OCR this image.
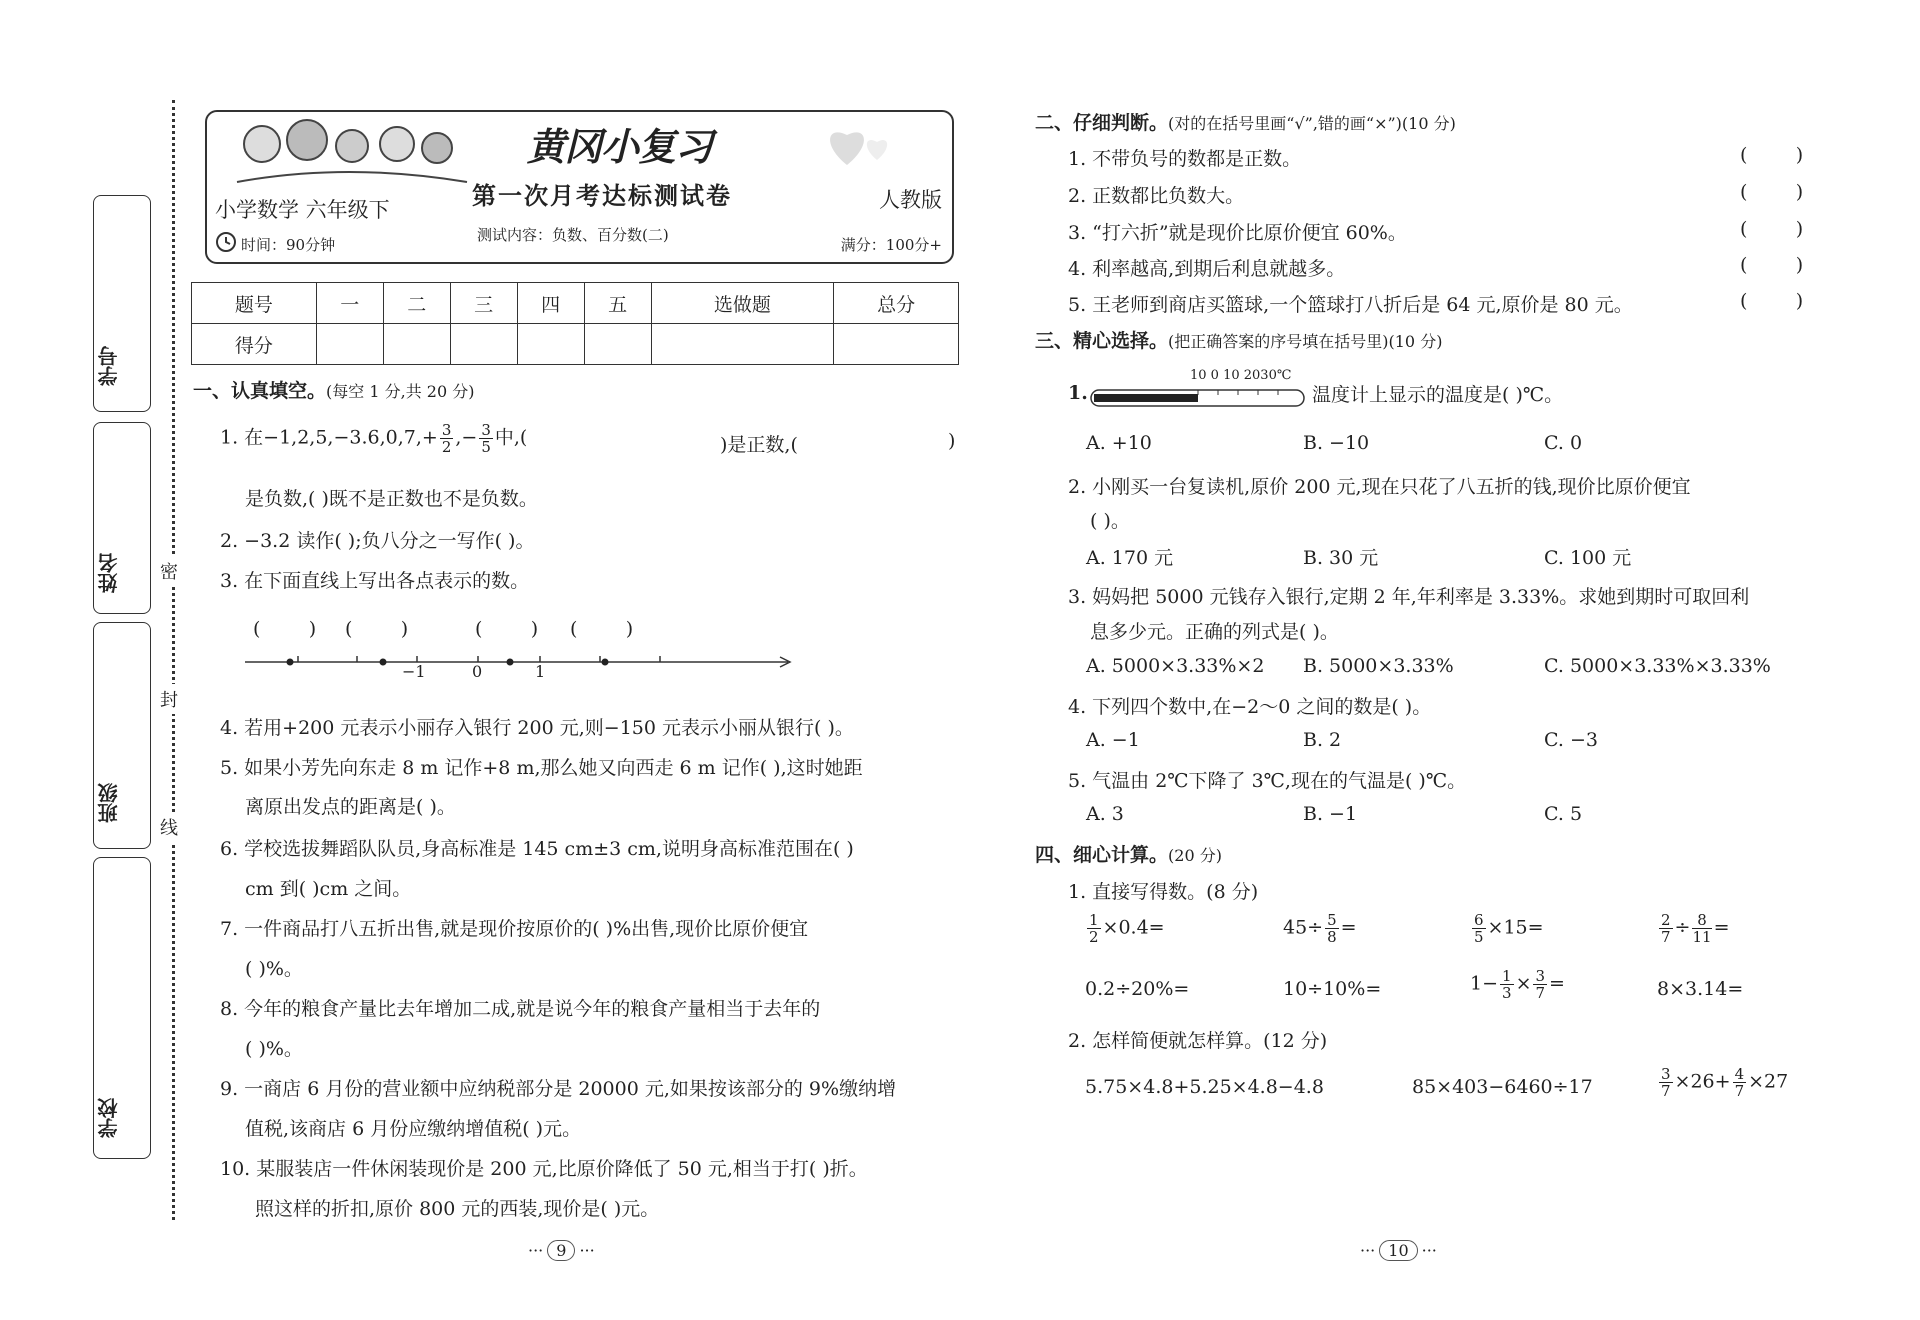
学号
姓名
班级
学校
密
封
线
黄冈小复习
第一次月考达标测试卷
小学数学 六年级下	人教版
时间：90分钟
测试内容：负数、百分数(二)
满分：100分+
题号	一	二	三	四	五	选做题	总分
得分							
一、认真填空。(每空 1 分,共 20 分)
1. 在$-1,2,5,-3.6,0,7,+ \frac{3}{2}$ ,− $\frac{3}{5}$ 中,(	)是正数,(	)
是负数,( )既不是正数也不是负数。
2. −3.2 读作( );负八分之一写作( )。
3. 在下面直线上写出各点表示的数。
(        ) (        )	(        ) (        )
−1	0	1
4. 若用+200 元表示小丽存入银行 200 元,则−150 元表示小丽从银行( )。
5. 如果小芳先向东走 8 m 记作+8 m,那么她又向西走 6 m 记作( ),这时她距
离原出发点的距离是( )。
6. 学校选拔舞蹈队队员,身高标准是 145 cm±3 cm,说明身高标准范围在( )
cm 到( )cm 之间。
7. 一件商品打八五折出售,就是现价按原价的( )%出售,现价比原价便宜
( )%。
8. 今年的粮食产量比去年增加二成,就是说今年的粮食产量相当于去年的
( )%。
9. 一商店 6 月份的营业额中应纳税部分是 20000 元,如果按该部分的 9%缴纳增
值税,该商店 6 月份应缴纳增值税( )元。
10. 某服装店一件休闲装现价是 200 元,比原价降低了 50 元,相当于打( )折。
照这样的折扣,原价 800 元的西装,现价是( )元。
二、仔细判断。(对的在括号里画“√”,错的画“×”)(10 分)
1. 不带负号的数都是正数。	(        )
2. 正数都比负数大。	(        )
3. “打六折”就是现价比原价便宜 60%。	(        )
4. 利率越高,到期后利息就越多。	(        )
5. 王老师到商店买篮球,一个篮球打八折后是 64 元,原价是 80 元。	(        )
三、精心选择。(把正确答案的序号填在括号里)(10 分)
1.
10 0 10 2030℃
温度计上显示的温度是( )℃。
A. +10	B. −10	C. 0
2. 小刚买一台复读机,原价 200 元,现在只花了八五折的钱,现价比原价便宜
( )。
A. 170 元	B. 30 元	C. 100 元
3. 妈妈把 5000 元钱存入银行,定期 2 年,年利率是 3.33%。求她到期时可取回利
息多少元。正确的列式是( )。
A. 5000×3.33%×2 B. 5000×3.33%	C. 5000×3.33%×3.33%
4. 下列四个数中,在−2～0 之间的数是( )。
A. −1	B. 2	C. −3
5. 气温由 2℃下降了 3℃,现在的气温是( )℃。
A. 3	B. −1	C. 5
四、细心计算。(20 分)
1. 直接写得数。(8 分)
$\frac{1}{2} \times 0.4=$	$45\div \frac{5}{8}$ =	$\frac{6}{5} \times 15=$	$\frac{2}{7} \div \frac{8}{11}$ =
0.2÷20%=	10÷10%=	$1- \frac{1}{3} \times \frac{3}{7}$ =	8×3.14=
2. 怎样简便就怎样算。(12 分)
5.75×4.8+5.25×4.8−4.8	85×403−6460÷17	$\frac{3}{7} \times 26+ \frac{4}{7} \times 27$
··· 9 ···	··· 10 ···
